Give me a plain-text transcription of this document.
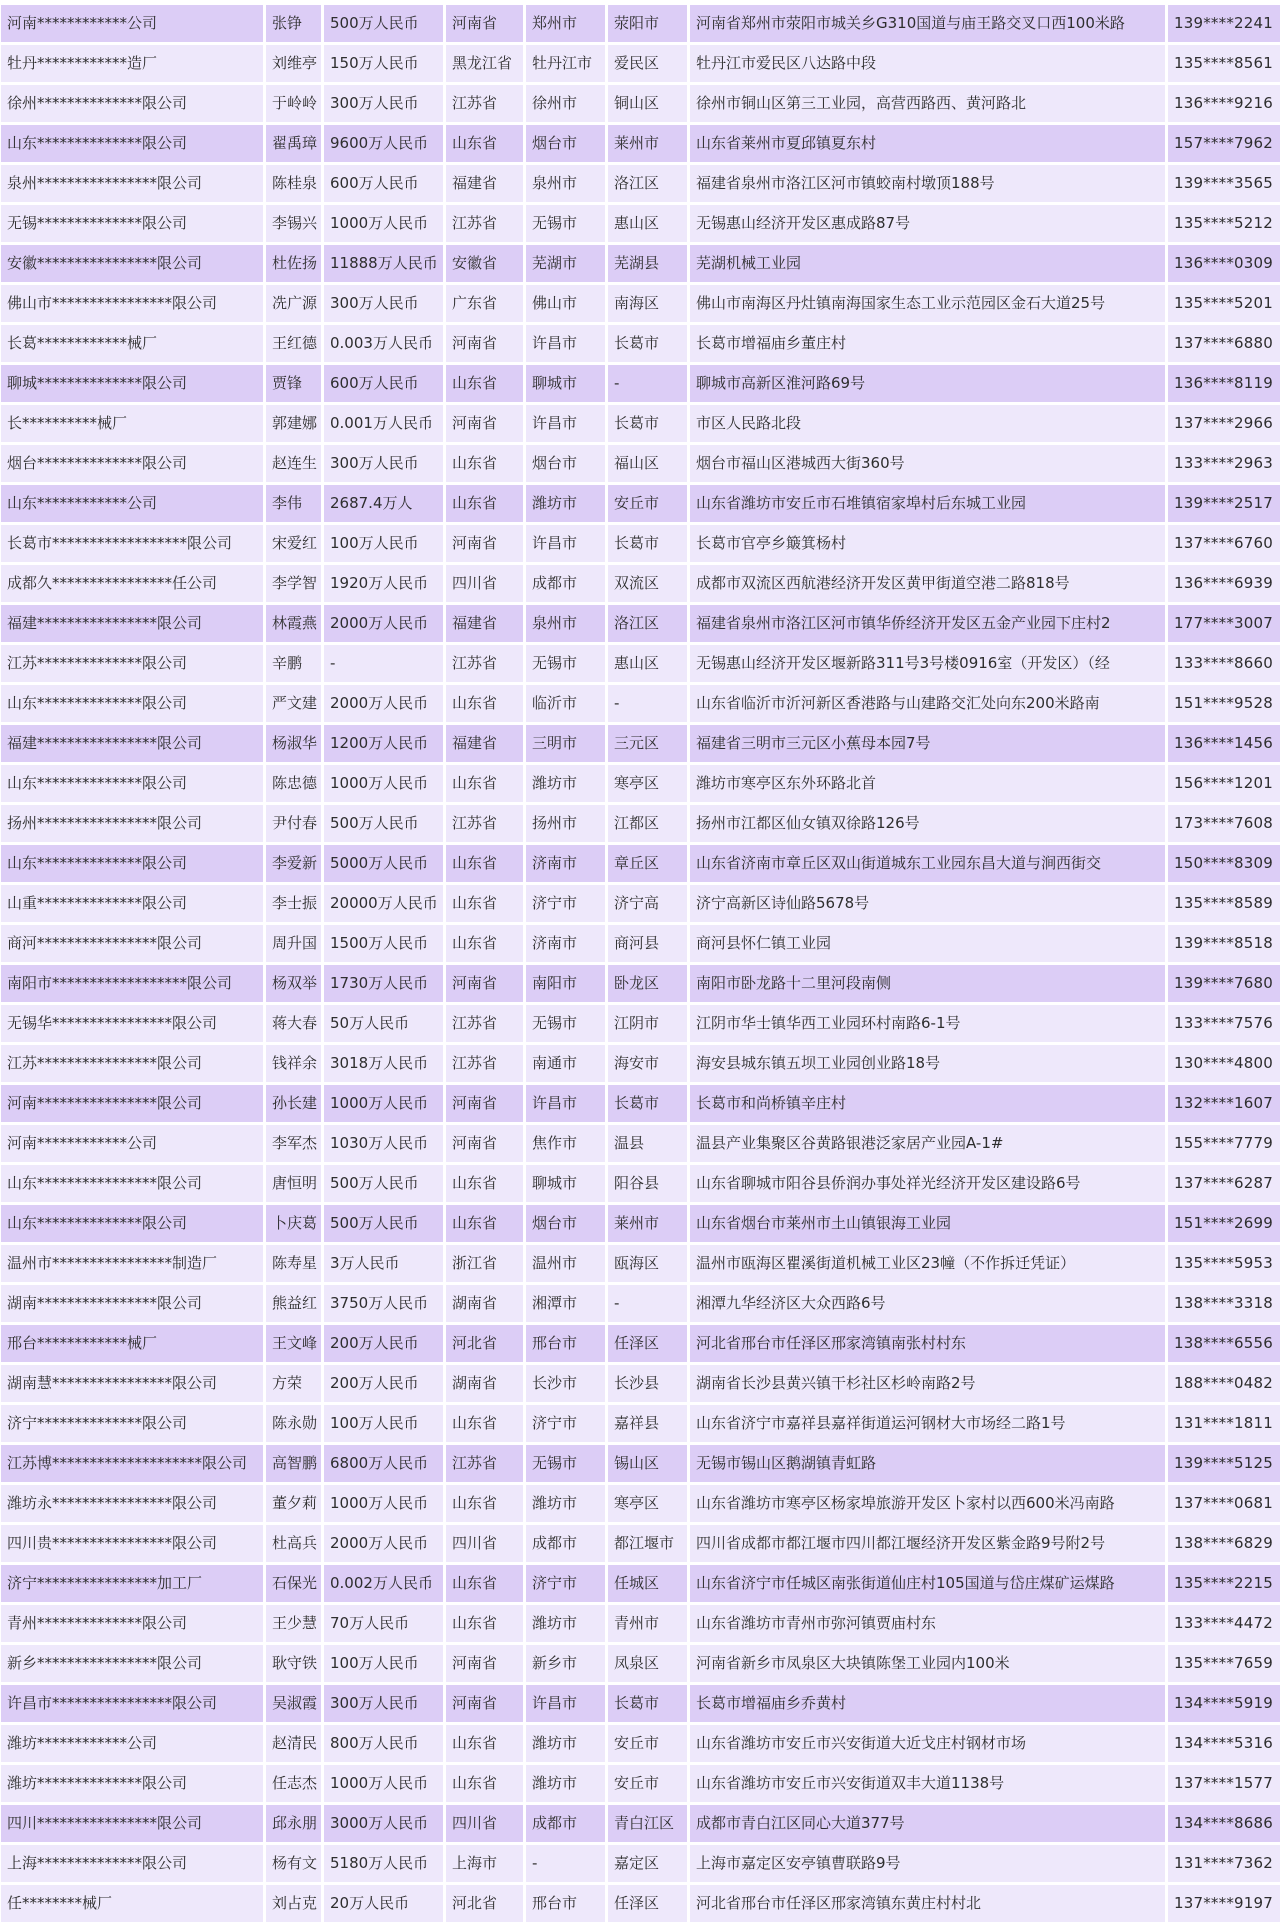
河南************公司	张铮	500万人民币	河南省	郑州市	荥阳市	河南省郑州市荥阳市城关乡G310国道与庙王路交叉口西100米路	139****2241
牡丹************造厂	刘维亭	150万人民币	黑龙江省	牡丹江市	爱民区	牡丹江市爱民区八达路中段	135****8561
徐州**************限公司	于岭岭	300万人民币	江苏省	徐州市	铜山区	徐州市铜山区第三工业园，高营西路西、黄河路北	136****9216
山东**************限公司	翟禹璋	9600万人民币	山东省	烟台市	莱州市	山东省莱州市夏邱镇夏东村	157****7962
泉州****************限公司	陈桂泉	600万人民币	福建省	泉州市	洛江区	福建省泉州市洛江区河市镇蛟南村墩顶188号	139****3565
无锡**************限公司	李锡兴	1000万人民币	江苏省	无锡市	惠山区	无锡惠山经济开发区惠成路87号	135****5212
安徽****************限公司	杜佐扬	11888万人民币	安徽省	芜湖市	芜湖县	芜湖机械工业园	136****0309
佛山市****************限公司	冼广源	300万人民币	广东省	佛山市	南海区	佛山市南海区丹灶镇南海国家生态工业示范园区金石大道25号	135****5201
长葛************械厂	王红德	0.003万人民币	河南省	许昌市	长葛市	长葛市增福庙乡董庄村	137****6880
聊城**************限公司	贾锋	600万人民币	山东省	聊城市	-	聊城市高新区淮河路69号	136****8119
长**********械厂	郭建娜	0.001万人民币	河南省	许昌市	长葛市	市区人民路北段	137****2966
烟台**************限公司	赵连生	300万人民币	山东省	烟台市	福山区	烟台市福山区港城西大街360号	133****2963
山东************公司	李伟	2687.4万人	山东省	潍坊市	安丘市	山东省潍坊市安丘市石堆镇宿家埠村后东城工业园	139****2517
长葛市******************限公司	宋爱红	100万人民币	河南省	许昌市	长葛市	长葛市官亭乡簸箕杨村	137****6760
成都久****************任公司	李学智	1920万人民币	四川省	成都市	双流区	成都市双流区西航港经济开发区黄甲街道空港二路818号	136****6939
福建****************限公司	林霞燕	2000万人民币	福建省	泉州市	洛江区	福建省泉州市洛江区河市镇华侨经济开发区五金产业园下庄村2	177****3007
江苏**************限公司	辛鹏	-	江苏省	无锡市	惠山区	无锡惠山经济开发区堰新路311号3号楼0916室（开发区）（经	133****8660
山东**************限公司	严文建	2000万人民币	山东省	临沂市	-	山东省临沂市沂河新区香港路与山建路交汇处向东200米路南	151****9528
福建****************限公司	杨淑华	1200万人民币	福建省	三明市	三元区	福建省三明市三元区小蕉母本园7号	136****1456
山东**************限公司	陈忠德	1000万人民币	山东省	潍坊市	寒亭区	潍坊市寒亭区东外环路北首	156****1201
扬州****************限公司	尹付春	500万人民币	江苏省	扬州市	江都区	扬州市江都区仙女镇双徐路126号	173****7608
山东**************限公司	李爱新	5000万人民币	山东省	济南市	章丘区	山东省济南市章丘区双山街道城东工业园东昌大道与涧西街交	150****8309
山重**************限公司	李士振	20000万人民币	山东省	济宁市	济宁高	济宁高新区诗仙路5678号	135****8589
商河****************限公司	周升国	1500万人民币	山东省	济南市	商河县	商河县怀仁镇工业园	139****8518
南阳市******************限公司	杨双举	1730万人民币	河南省	南阳市	卧龙区	南阳市卧龙路十二里河段南侧	139****7680
无锡华****************限公司	蒋大春	50万人民币	江苏省	无锡市	江阴市	江阴市华士镇华西工业园环村南路6-1号	133****7576
江苏****************限公司	钱祥余	3018万人民币	江苏省	南通市	海安市	海安县城东镇五坝工业园创业路18号	130****4800
河南****************限公司	孙长建	1000万人民币	河南省	许昌市	长葛市	长葛市和尚桥镇辛庄村	132****1607
河南************公司	李军杰	1030万人民币	河南省	焦作市	温县	温县产业集聚区谷黄路银港泛家居产业园A-1#	155****7779
山东****************限公司	唐恒明	500万人民币	山东省	聊城市	阳谷县	山东省聊城市阳谷县侨润办事处祥光经济开发区建设路6号	137****6287
山东**************限公司	卜庆葛	500万人民币	山东省	烟台市	莱州市	山东省烟台市莱州市土山镇银海工业园	151****2699
温州市****************制造厂	陈寿星	3万人民币	浙江省	温州市	瓯海区	温州市瓯海区瞿溪街道机械工业区23幢（不作拆迁凭证）	135****5953
湖南****************限公司	熊益红	3750万人民币	湖南省	湘潭市	-	湘潭九华经济区大众西路6号	138****3318
邢台************械厂	王文峰	200万人民币	河北省	邢台市	任泽区	河北省邢台市任泽区邢家湾镇南张村村东	138****6556
湖南慧****************限公司	方荣	200万人民币	湖南省	长沙市	长沙县	湖南省长沙县黄兴镇干杉社区杉岭南路2号	188****0482
济宁**************限公司	陈永勋	100万人民币	山东省	济宁市	嘉祥县	山东省济宁市嘉祥县嘉祥街道运河钢材大市场经二路1号	131****1811
江苏博********************限公司	高智鹏	6800万人民币	江苏省	无锡市	锡山区	无锡市锡山区鹅湖镇青虹路	139****5125
潍坊永****************限公司	董夕莉	1000万人民币	山东省	潍坊市	寒亭区	山东省潍坊市寒亭区杨家埠旅游开发区卜家村以西600米冯南路	137****0681
四川贵****************限公司	杜高兵	2000万人民币	四川省	成都市	都江堰市	四川省成都市都江堰市四川都江堰经济开发区紫金路9号附2号	138****6829
济宁****************加工厂	石保光	0.002万人民币	山东省	济宁市	任城区	山东省济宁市任城区南张街道仙庄村105国道与岱庄煤矿运煤路	135****2215
青州**************限公司	王少慧	70万人民币	山东省	潍坊市	青州市	山东省潍坊市青州市弥河镇贾庙村东	133****4472
新乡****************限公司	耿守铁	100万人民币	河南省	新乡市	凤泉区	河南省新乡市凤泉区大块镇陈堡工业园内100米	135****7659
许昌市****************限公司	吴淑霞	300万人民币	河南省	许昌市	长葛市	长葛市增福庙乡乔黄村	134****5919
潍坊************公司	赵清民	800万人民币	山东省	潍坊市	安丘市	山东省潍坊市安丘市兴安街道大近戈庄村钢材市场	134****5316
潍坊**************限公司	任志杰	1000万人民币	山东省	潍坊市	安丘市	山东省潍坊市安丘市兴安街道双丰大道1138号	137****1577
四川****************限公司	邱永朋	3000万人民币	四川省	成都市	青白江区	成都市青白江区同心大道377号	134****8686
上海**************限公司	杨有文	5180万人民币	上海市	-	嘉定区	上海市嘉定区安亭镇曹联路9号	131****7362
任********械厂	刘占克	20万人民币	河北省	邢台市	任泽区	河北省邢台市任泽区邢家湾镇东黄庄村村北	137****9197
